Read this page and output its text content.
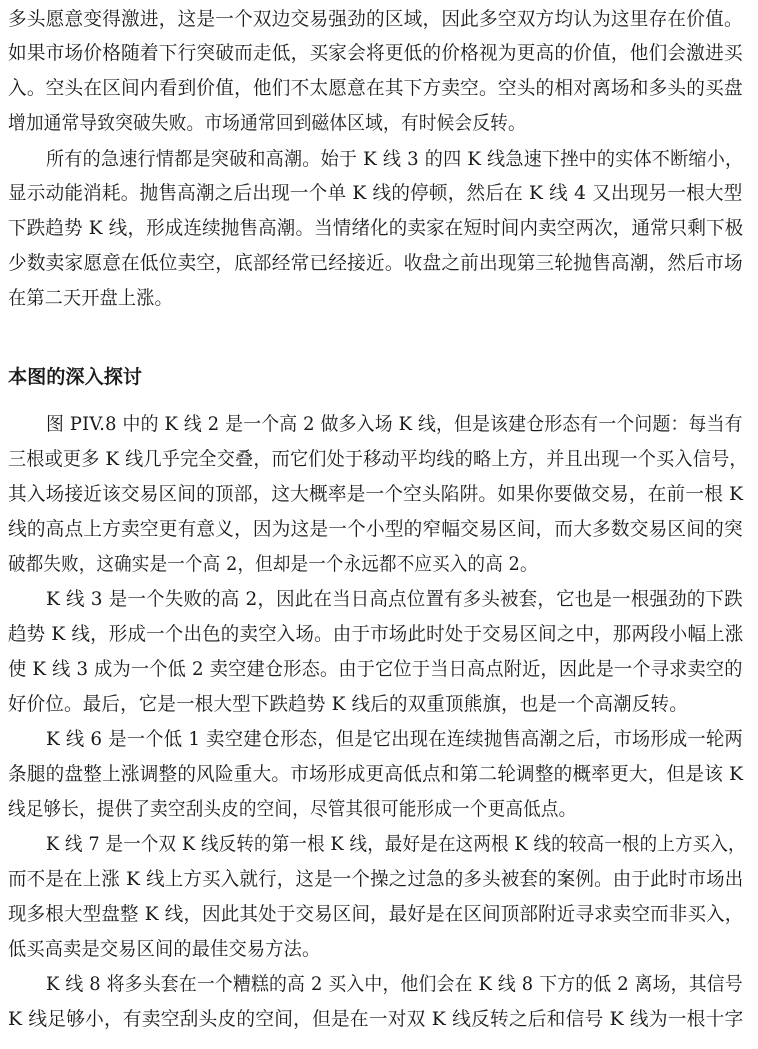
多头愿意变得激进，这是一个双边交易强劲的区域，因此多空双方均认为这里存在价值。
如果市场价格随着下行突破而走低，买家会将更低的价格视为更高的价值，他们会激进买
入。空头在区间内看到价值，他们不太愿意在其下方卖空。空头的相对离场和多头的买盘
增加通常导致突破失败。市场通常回到磁体区域，有时候会反转。
所有的急速行情都是突破和高潮。始于 K 线 3 的四 K 线急速下挫中的实体不断缩小，
显示动能消耗。抛售高潮之后出现一个单 K 线的停顿，然后在 K 线 4 又出现另一根大型
下跌趋势 K 线，形成连续抛售高潮。当情绪化的卖家在短时间内卖空两次，通常只剩下极
少数卖家愿意在低位卖空，底部经常已经接近。收盘之前出现第三轮抛售高潮，然后市场
在第二天开盘上涨。
本图的深入探讨
图 PIV.8 中的 K 线 2 是一个高 2 做多入场 K 线，但是该建仓形态有一个问题：每当有
三根或更多 K 线几乎完全交叠，而它们处于移动平均线的略上方，并且出现一个买入信号，
其入场接近该交易区间的顶部，这大概率是一个空头陷阱。如果你要做交易，在前一根 K
线的高点上方卖空更有意义，因为这是一个小型的窄幅交易区间，而大多数交易区间的突
破都失败，这确实是一个高 2，但却是一个永远都不应买入的高 2。
K 线 3 是一个失败的高 2，因此在当日高点位置有多头被套，它也是一根强劲的下跌
趋势 K 线，形成一个出色的卖空入场。由于市场此时处于交易区间之中，那两段小幅上涨
使 K 线 3 成为一个低 2 卖空建仓形态。由于它位于当日高点附近，因此是一个寻求卖空的
好价位。最后，它是一根大型下跌趋势 K 线后的双重顶熊旗，也是一个高潮反转。
K 线 6 是一个低 1 卖空建仓形态，但是它出现在连续抛售高潮之后，市场形成一轮两
条腿的盘整上涨调整的风险重大。市场形成更高低点和第二轮调整的概率更大，但是该 K
线足够长，提供了卖空刮头皮的空间，尽管其很可能形成一个更高低点。
K 线 7 是一个双 K 线反转的第一根 K 线，最好是在这两根 K 线的较高一根的上方买入，
而不是在上涨 K 线上方买入就行，这是一个操之过急的多头被套的案例。由于此时市场出
现多根大型盘整 K 线，因此其处于交易区间，最好是在区间顶部附近寻求卖空而非买入，
低买高卖是交易区间的最佳交易方法。
K 线 8 将多头套在一个糟糕的高 2 买入中，他们会在 K 线 8 下方的低 2 离场，其信号
K 线足够小，有卖空刮头皮的空间，但是在一对双 K 线反转之后和信号 K 线为一根十字
